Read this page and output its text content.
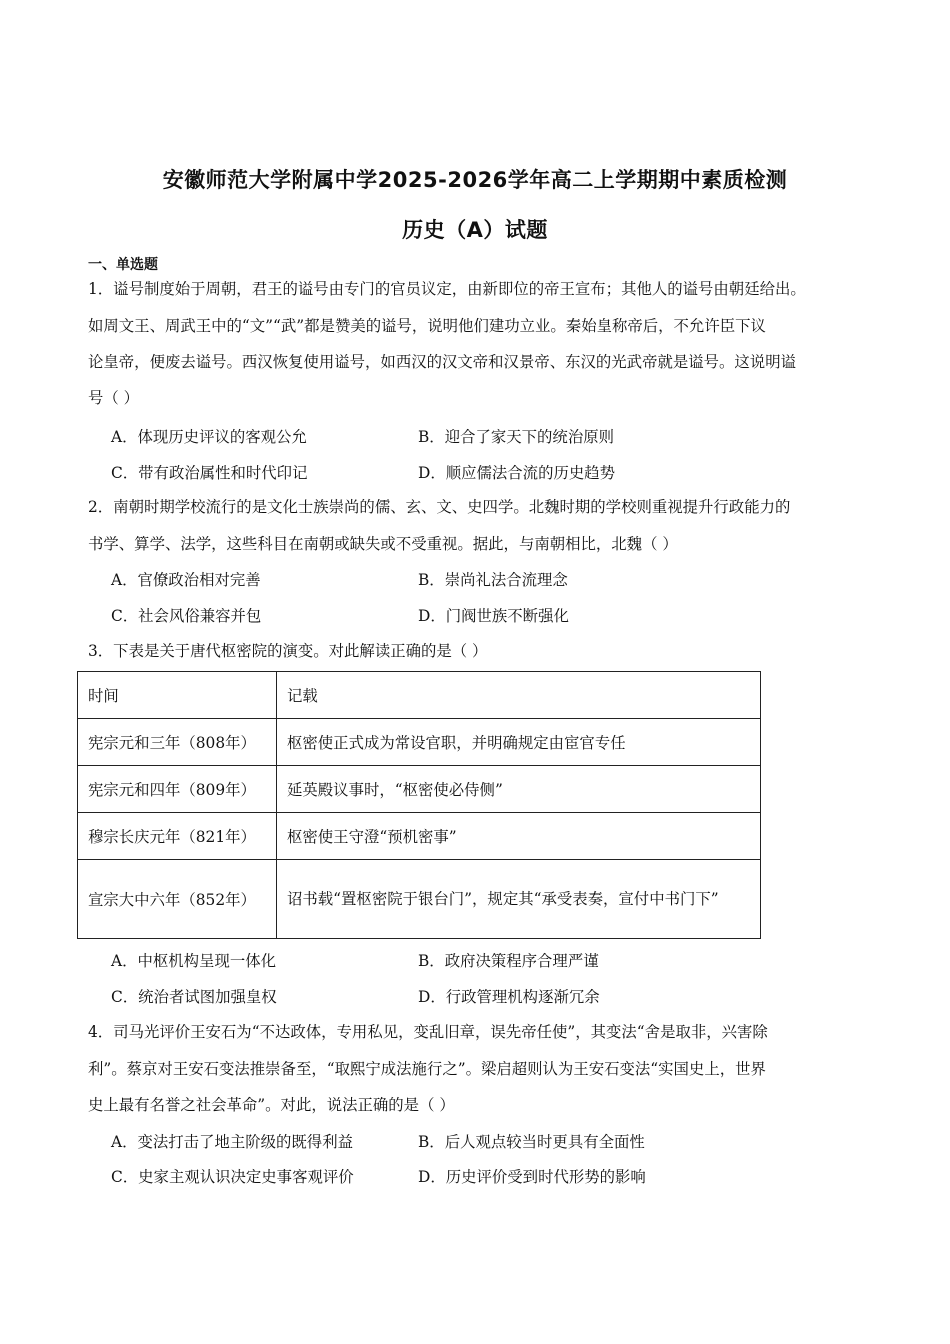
安徽师范大学附属中学2025-2026学年高二上学期期中素质检测
历史（A）试题
一、单选题
1．谥号制度始于周朝，君王的谥号由专门的官员议定，由新即位的帝王宣布；其他人的谥号由朝廷给出。
如周文王、周武王中的“文”“武”都是赞美的谥号，说明他们建功立业。秦始皇称帝后，不允许臣下议
论皇帝，便废去谥号。西汉恢复使用谥号，如西汉的汉文帝和汉景帝、东汉的光武帝就是谥号。这说明谥
号（ ）
A．体现历史评议的客观公允	B．迎合了家天下的统治原则
C．带有政治属性和时代印记	D．顺应儒法合流的历史趋势
2．南朝时期学校流行的是文化士族崇尚的儒、玄、文、史四学。北魏时期的学校则重视提升行政能力的
书学、算学、法学，这些科目在南朝或缺失或不受重视。据此，与南朝相比，北魏（ ）
A．官僚政治相对完善	B．崇尚礼法合流理念
C．社会风俗兼容并包	D．门阀世族不断强化
3．下表是关于唐代枢密院的演变。对此解读正确的是（ ）
时间	记载
宪宗元和三年（808年）	枢密使正式成为常设官职，并明确规定由宦官专任
宪宗元和四年（809年）	延英殿议事时，“枢密使必侍侧”
穆宗长庆元年（821年）	枢密使王守澄“预机密事”
宣宗大中六年（852年）	诏书载“置枢密院于银台门”，规定其“承受表奏，宣付中书门下”
A．中枢机构呈现一体化	B．政府决策程序合理严谨
C．统治者试图加强皇权	D．行政管理机构逐渐冗余
4．司马光评价王安石为“不达政体，专用私见，变乱旧章，误先帝任使”，其变法“舍是取非，兴害除
利”。蔡京对王安石变法推崇备至，“取熙宁成法施行之”。梁启超则认为王安石变法“实国史上，世界
史上最有名誉之社会革命”。对此，说法正确的是（ ）
A．变法打击了地主阶级的既得利益	B．后人观点较当时更具有全面性
C．史家主观认识决定史事客观评价	D．历史评价受到时代形势的影响
